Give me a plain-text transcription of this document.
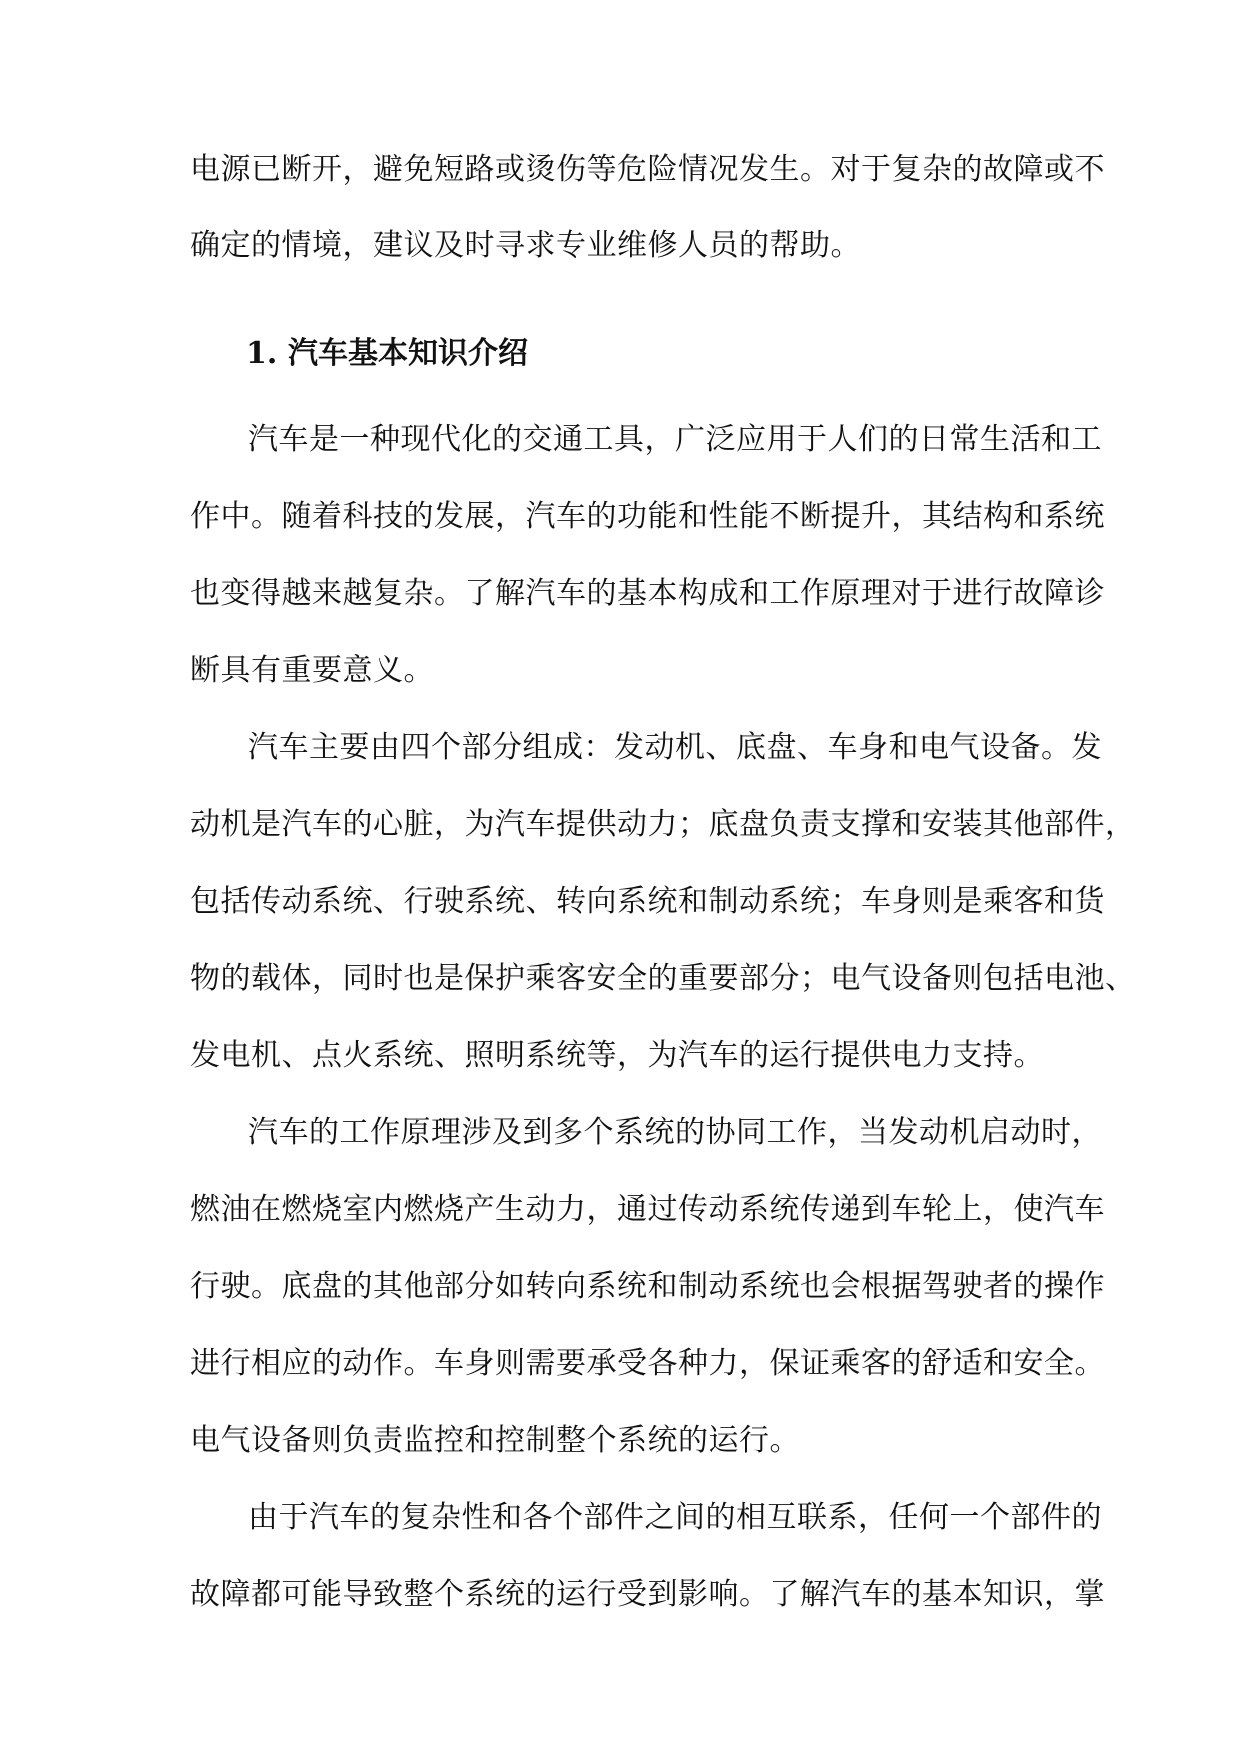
电源已断开，避免短路或烫伤等危险情况发生。对于复杂的故障或不
确定的情境，建议及时寻求专业维修人员的帮助。
1. 汽车基本知识介绍
汽车是一种现代化的交通工具，广泛应用于人们的日常生活和工
作中。随着科技的发展，汽车的功能和性能不断提升，其结构和系统
也变得越来越复杂。了解汽车的基本构成和工作原理对于进行故障诊
断具有重要意义。
汽车主要由四个部分组成：发动机、底盘、车身和电气设备。发
动机是汽车的心脏，为汽车提供动力；底盘负责支撑和安装其他部件，
包括传动系统、行驶系统、转向系统和制动系统；车身则是乘客和货
物的载体，同时也是保护乘客安全的重要部分；电气设备则包括电池、
发电机、点火系统、照明系统等，为汽车的运行提供电力支持。
汽车的工作原理涉及到多个系统的协同工作，当发动机启动时，
燃油在燃烧室内燃烧产生动力，通过传动系统传递到车轮上，使汽车
行驶。底盘的其他部分如转向系统和制动系统也会根据驾驶者的操作
进行相应的动作。车身则需要承受各种力，保证乘客的舒适和安全。
电气设备则负责监控和控制整个系统的运行。
由于汽车的复杂性和各个部件之间的相互联系，任何一个部件的
故障都可能导致整个系统的运行受到影响。了解汽车的基本知识，掌
